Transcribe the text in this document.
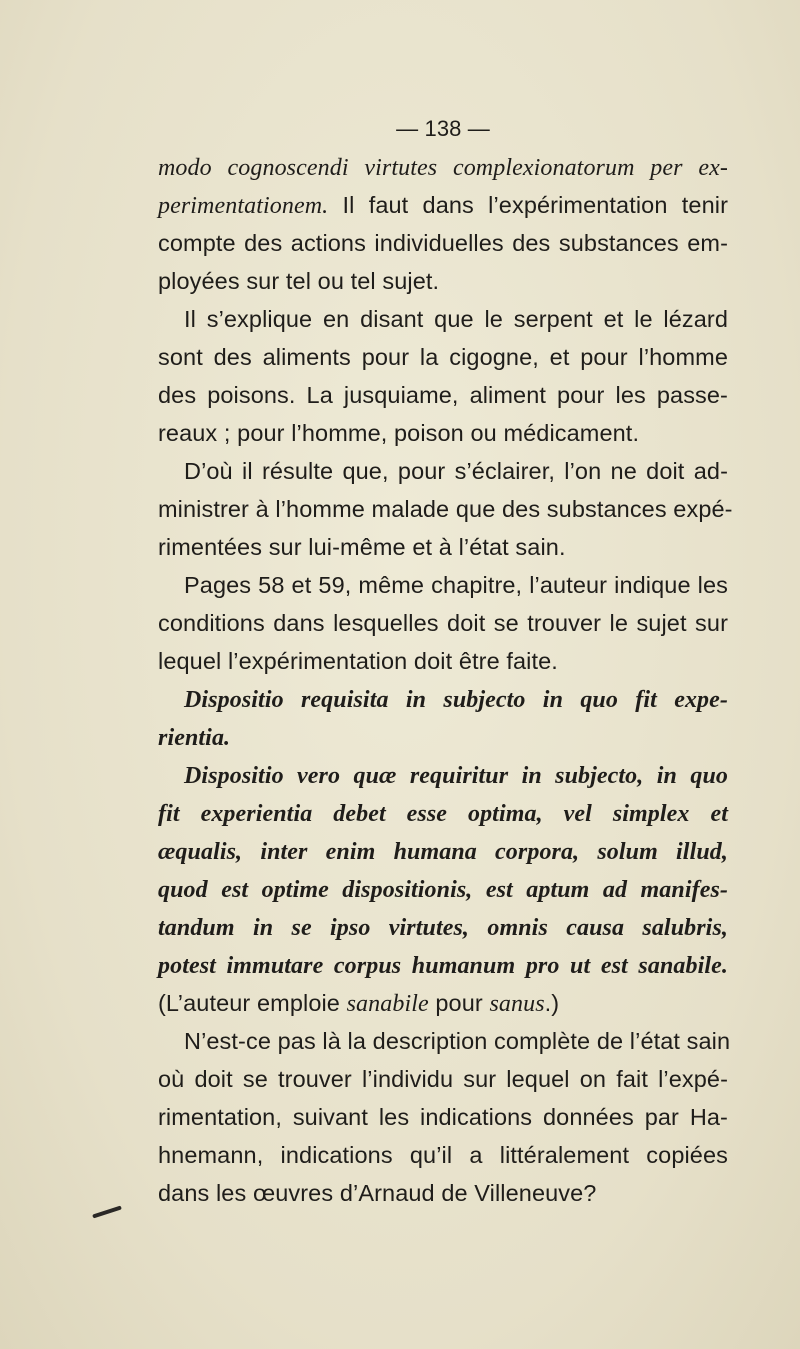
— 138 —
modo cognoscendi virtutes complexionatorum per ex-
perimentationem. Il faut dans l’expérimentation tenir
compte des actions individuelles des substances em-
ployées sur tel ou tel sujet.
Il s’explique en disant que le serpent et le lézard
sont des aliments pour la cigogne, et pour l’homme
des poisons. La jusquiame, aliment pour les passe-
reaux ; pour l’homme, poison ou médicament.
D’où il résulte que, pour s’éclairer, l’on ne doit ad-
ministrer à l’homme malade que des substances expé-
rimentées sur lui-même et à l’état sain.
Pages 58 et 59, même chapitre, l’auteur indique les
conditions dans lesquelles doit se trouver le sujet sur
lequel l’expérimentation doit être faite.
Dispositio requisita in subjecto in quo fit expe-
rientia.
Dispositio vero quæ requiritur in subjecto, in quo
fit experientia debet esse optima, vel simplex et
æqualis, inter enim humana corpora, solum illud,
quod est optime dispositionis, est aptum ad manifes-
tandum in se ipso virtutes, omnis causa salubris,
potest immutare corpus humanum pro ut est sanabile.
(L’auteur emploie sanabile pour sanus.)
N’est-ce pas là la description complète de l’état sain
où doit se trouver l’individu sur lequel on fait l’expé-
rimentation, suivant les indications données par Ha-
hnemann, indications qu’il a littéralement copiées
dans les œuvres d’Arnaud de Villeneuve?
